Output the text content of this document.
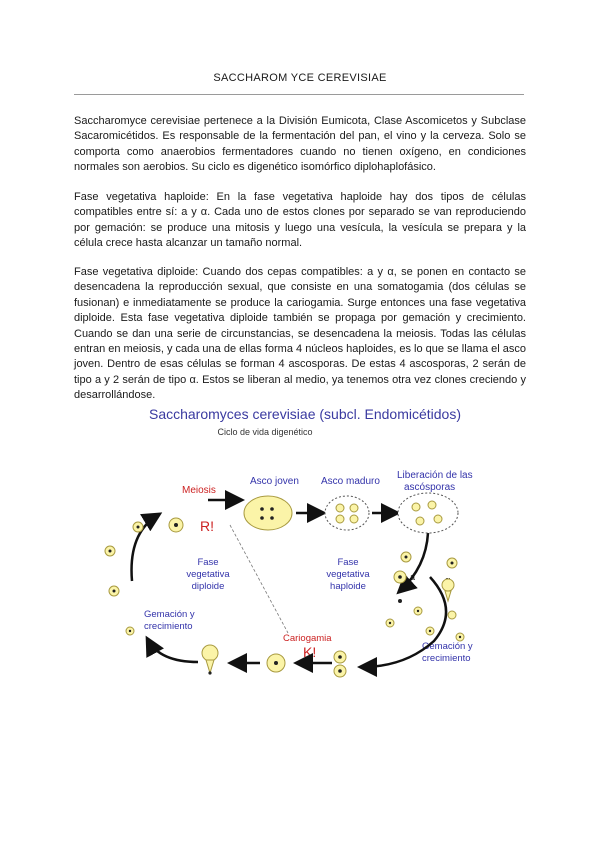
SACCHAROM YCE CEREVISIAE

Saccharomyce cerevisiae pertenece a la División Eumicota, Clase Ascomicetos y Subclase Sacaromicétidos. Es responsable de la fermentación del pan, el vino y la cerveza. Solo se comporta como anaerobios fermentadores cuando no tienen oxígeno, en condiciones normales son aerobios. Su ciclo es digenético isomórfico diplohaplofásico.

Fase vegetativa haploide: En la fase vegetativa haploide hay dos tipos de células compatibles entre sí: a y α. Cada uno de estos clones por separado se van reproduciendo por gemación: se produce una mitosis y luego una vesícula, la vesícula se prepara y la célula crece hasta alcanzar un tamaño normal.

Fase vegetativa diploide: Cuando dos cepas compatibles: a y α, se ponen en contacto se desencadena la reproducción sexual, que consiste en una somatogamia (dos células se fusionan) e inmediatamente se produce la cariogamia. Surge entonces una fase vegetativa diploide. Esta fase vegetativa diploide también se propaga por gemación y crecimiento. Cuando se dan una serie de circunstancias, se desencadena la meiosis. Todas las células entran en meiosis, y cada una de ellas forma 4 núcleos haploides, es lo que se llama el asco joven. Dentro de esas células se forman 4 ascosporas. De estas 4 ascosporas, 2 serán de tipo a y 2 serán de tipo α. Estos se liberan al medio, ya tenemos otra vez clones creciendo y desarrollándose.

Saccharomyces cerevisiae (subcl. Endomicétidos)
Ciclo de vida digenético
Meiosis
Asco joven Asco maduro
Liberación de las
ascósporas
R!
K!
Fase
vegetativa
diploide
Fase
vegetativa
haploide
Gemación y
crecimiento
Gemación y
crecimiento
Cariogamia
a
